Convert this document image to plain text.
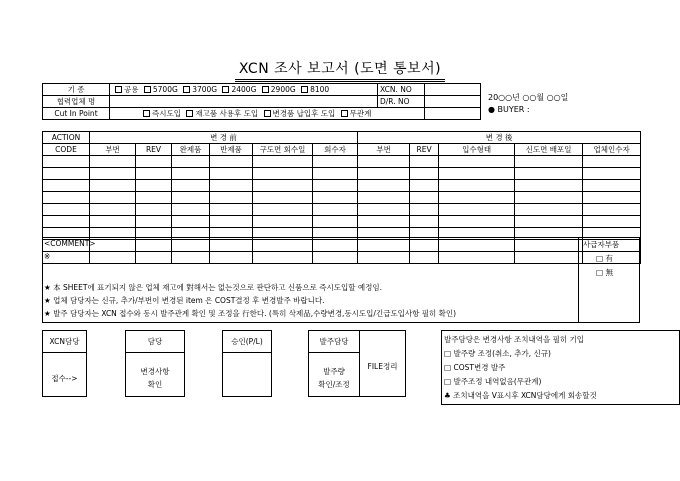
XCN 조사 보고서 (도면 통보서)
기 종	공용 5700G 3700G 2400G 2900G 8100	XCN. NO	
협력업체 명		D/R. NO	
Cut In Point	즉시도입 재고품 사용후 도입 변경품 납입후 도입 무관계		
20○○년 ○○월 ○○일
● BUYER :
ACTION	변 경 前						변 경 後				
CODE	부번	REV	완제품	반제품	구도면 회수일	회수자	부번	REV	입수형태	신도면 배포일	업체인수자

<COMMENT>
※
★ 本 SHEET에 표기되지 않은 업체 재고에 對해서는 없는것으로 판단하고 신품으로 즉시도입할 예정임.
★ 업체 담당자는 신규, 추가/부번이 변경된 item 은 COST결정 후 변경발주 바랍니다.
★ 발주 담당자는 XCN 접수와 동시 발주관계 확인 및 조정을 行한다. (특히 삭제品,수량변경,동시도입/긴급도입사항 필히 확인)
사급자부품
□ 有
□ 無
XCN담당
접수-->
담당
변경사항
확인
승인(P/L)	발주담당
발주량
확인/조정
FILE정리
발주담당은 변경사항 조치내역을 필히 기입
□ 발주량 조정(취소, 추가, 신규)
□ COST변경 발주
□ 발주조정 내역없음(무관계)
♣ 조치내역을 V표시후 XCN담당에게 회송할것
